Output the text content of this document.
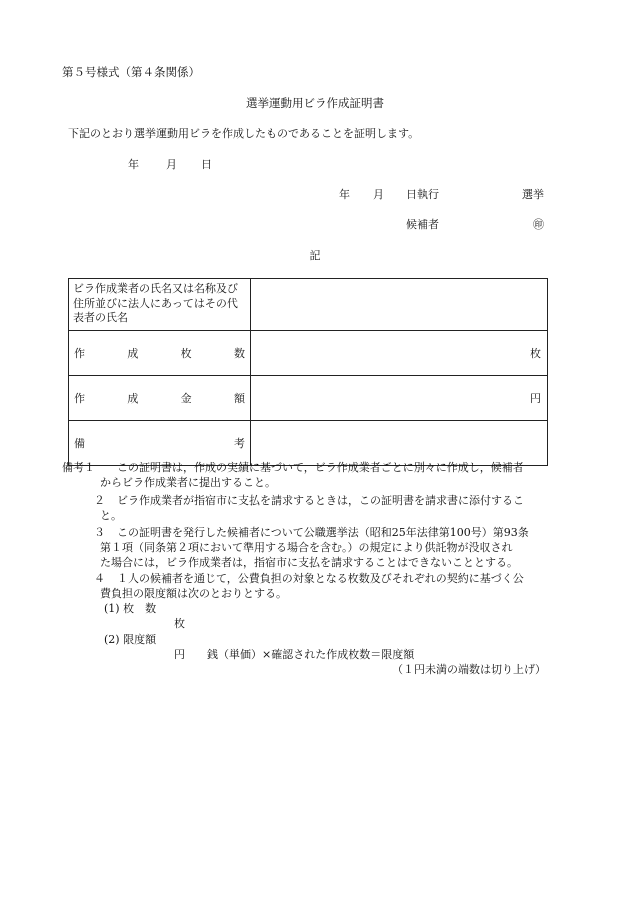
第５号様式（第４条関係）
選挙運動用ビラ作成証明書
下記のとおり選挙運動用ビラを作成したものであることを証明します。
年 月 日
年 月 日執行	選挙
候補者	㊞
記
ビラ作成業者の氏名又は名称及び住所並びに法人にあってはその代表者の氏名	

作 成 枚 数	枚

作 成 金 額	円

備 考	

備考１ この証明書は，作成の実績に基づいて，ビラ作成業者ごとに別々に作成し，候補者
からビラ作成業者に提出すること。
２ ビラ作成業者が指宿市に支払を請求するときは，この証明書を請求書に添付するこ
と。
３ この証明書を発行した候補者について公職選挙法（昭和25年法律第100号）第93条
第１項（同条第２項において準用する場合を含む。）の規定により供託物が没収され
た場合には，ビラ作成業者は，指宿市に支払を請求することはできないこととする。
４ １人の候補者を通じて，公費負担の対象となる枚数及びそれぞれの契約に基づく公
費負担の限度額は次のとおりとする。
(1) 枚　数
枚
(2) 限度額
円　　銭（単価）×確認された作成枚数＝限度額
（１円未満の端数は切り上げ）
